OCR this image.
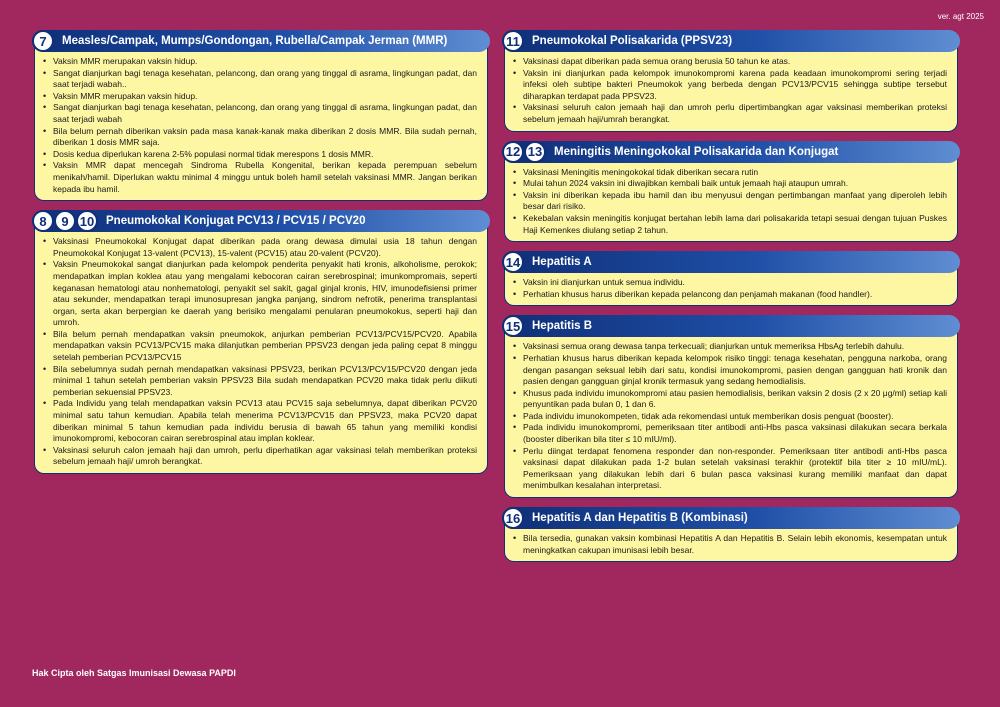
ver. agt 2025
7	Measles/Campak, Mumps/Gondongan, Rubella/Campak Jerman (MMR)
• Vaksin MMR merupakan vaksin hidup.
• Sangat dianjurkan bagi tenaga kesehatan, pelancong, dan orang yang tinggal di asrama, lingkungan padat, dan saat terjadi wabah..
• Vaksin MMR merupakan vaksin hidup.
• Sangat dianjurkan bagi tenaga kesehatan, pelancong, dan orang yang tinggal di asrama, lingkungan padat, dan saat terjadi wabah
• Bila belum pernah diberikan vaksin pada masa kanak-kanak maka diberikan 2 dosis MMR. Bila sudah pernah, diberikan 1 dosis MMR saja.
• Dosis kedua diperlukan karena 2-5% populasi normal tidak merespons 1 dosis MMR.
• Vaksin MMR dapat mencegah Sindroma Rubella Kongenital, berikan kepada perempuan sebelum menikah/hamil. Diperlukan waktu minimal 4 minggu untuk boleh hamil setelah vaksinasi MMR. Jangan berikan kepada ibu hamil.
8	9 10	Pneumokokal Konjugat PCV13 / PCV15 / PCV20
• Vaksinasi Pneumokokal Konjugat dapat diberikan pada orang dewasa dimulai usia 18 tahun dengan Pneumokokal Konjugat 13-valent (PCV13), 15-valent (PCV15) atau 20-valent (PCV20).
• Vaksin Pneumokokal sangat dianjurkan pada kelompok penderita penyakit hati kronis, alkoholisme, perokok; mendapatkan implan koklea atau yang mengalami kebocoran cairan serebrospinal; imunkompromais, seperti keganasan hematologi atau nonhematologi, penyakit sel sakit, gagal ginjal kronis, HIV, imunodefisiensi primer atau sekunder, mendapatkan terapi imunosupresan jangka panjang, sindrom nefrotik, penerima transplantasi organ, serta akan berpergian ke daerah yang berisiko mengalami penularan pneumokokus, seperti haji dan umroh.
• Bila belum pernah mendapatkan vaksin pneumokok, anjurkan pemberian PCV13/PCV15/PCV20. Apabila mendapatkan vaksin PCV13/PCV15 maka dilanjutkan pemberian PPSV23 dengan jeda paling cepat 8 minggu setelah pemberian PCV13/PCV15
• Bila sebelumnya sudah pernah mendapatkan vaksinasi PPSV23, berikan PCV13/PCV15/PCV20 dengan jeda minimal 1 tahun setelah pemberian vaksin PPSV23 Bila sudah mendapatkan PCV20 maka tidak perlu diikuti pemberian sekuensial PPSV23.
• Pada Individu yang telah mendapatkan vaksin PCV13 atau PCV15 saja sebelumnya, dapat diberikan PCV20 minimal satu tahun kemudian. Apabila telah menerima PCV13/PCV15 dan PPSV23, maka PCV20 dapat diberikan minimal 5 tahun kemudian pada individu berusia di bawah 65 tahun yang memiliki kondisi imunokompromi, kebocoran cairan serebrospinal atau implan koklear.
• Vaksinasi seluruh calon jemaah haji dan umroh, perlu diperhatikan agar vaksinasi telah memberikan proteksi sebelum jemaah haji/ umroh berangkat.
11	Pneumokokal Polisakarida (PPSV23)
• Vaksinasi dapat diberikan pada semua orang berusia 50 tahun ke atas.
• Vaksin ini dianjurkan pada kelompok imunokompromi karena pada keadaan imunokompromi sering terjadi infeksi oleh subtipe bakteri Pneumokok yang berbeda dengan PCV13/PCV15 sehingga subtipe tersebut diharapkan terdapat pada PPSV23.
• Vaksinasi seluruh calon jemaah haji dan umroh perlu dipertimbangkan agar vaksinasi memberikan proteksi sebelum jemaah haji/umrah berangkat.
12 13	Meningitis Meningokokal Polisakarida dan Konjugat
• Vaksinasi Meningitis meningokokal tidak diberikan secara rutin
• Mulai tahun 2024 vaksin ini diwajibkan kembali baik untuk jemaah haji ataupun umrah.
• Vaksin ini diberikan kepada ibu hamil dan ibu menyusui dengan pertimbangan manfaat yang diperoleh lebih besar dari risiko.
• Kekebalan vaksin meningitis konjugat bertahan lebih lama dari polisakarida tetapi sesuai dengan tujuan Puskes Haji Kemenkes diulang setiap 2 tahun.
14	Hepatitis A
• Vaksin ini dianjurkan untuk semua individu.
• Perhatian khusus harus diberikan kepada pelancong dan penjamah makanan (food handler).
15	Hepatitis B
• Vaksinasi semua orang dewasa tanpa terkecuali; dianjurkan untuk memeriksa HbsAg terlebih dahulu.
• Perhatian khusus harus diberikan kepada kelompok risiko tinggi: tenaga kesehatan, pengguna narkoba, orang dengan pasangan seksual lebih dari satu, kondisi imunokompromi, pasien dengan gangguan hati kronik dan pasien dengan gangguan ginjal kronik termasuk yang sedang hemodialisis.
• Khusus pada individu imunokompromi atau pasien hemodialisis, berikan vaksin 2 dosis (2 x 20 μg/ml) setiap kali penyuntikan pada bulan 0, 1 dan 6.
• Pada individu imunokompeten, tidak ada rekomendasi untuk memberikan dosis penguat (booster).
• Pada individu imunokompromi, pemeriksaan titer antibodi anti-Hbs pasca vaksinasi dilakukan secara berkala (booster diberikan bila titer ≤ 10 mIU/ml).
• Perlu diingat terdapat fenomena responder dan non-responder. Pemeriksaan titer antibodi anti-Hbs pasca vaksinasi dapat dilakukan pada 1-2 bulan setelah vaksinasi terakhir (protektif bila titer ≥ 10 mIU/mL). Pemeriksaan yang dilakukan lebih dari 6 bulan pasca vaksinasi kurang memiliki manfaat dan dapat menimbulkan kesalahan interpretasi.
16	Hepatitis A dan Hepatitis B (Kombinasi)
• Bila tersedia, gunakan vaksin kombinasi Hepatitis A dan Hepatitis B. Selain lebih ekonomis, kesempatan untuk meningkatkan cakupan imunisasi lebih besar.
Hak Cipta oleh Satgas Imunisasi Dewasa PAPDI
